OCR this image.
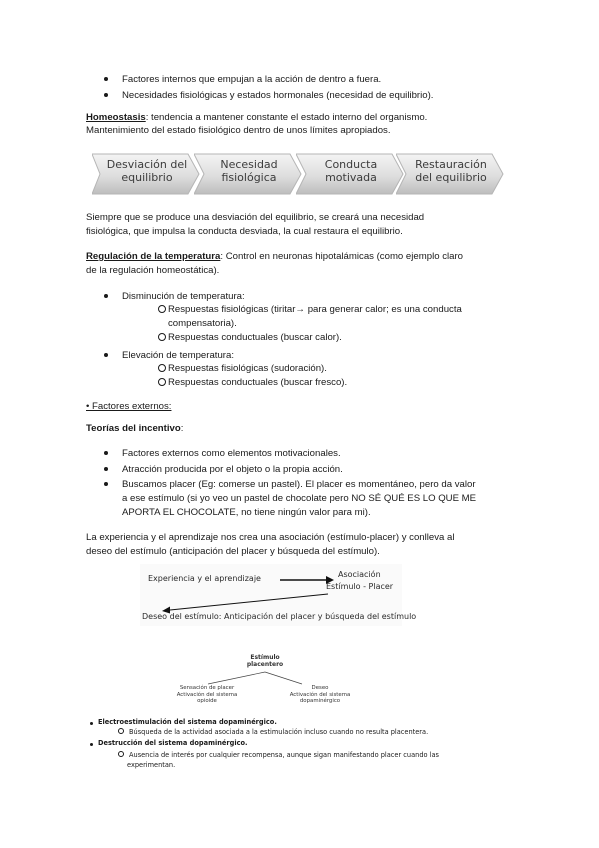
Factores internos que empujan a la acción de dentro a fuera.
Necesidades fisiológicas y estados hormonales (necesidad de equilibrio).
Homeostasis: tendencia a mantener constante el estado interno del organismo.
Mantenimiento del estado fisiológico dentro de unos límites apropiados.
Desviación del equilibrio
Necesidad fisiológica
Conducta motivada
Restauración del equilibrio
Siempre que se produce una desviación del equilibrio, se creará una necesidad
fisiológica, que impulsa la conducta desviada, la cual restaura el equilibrio.
Regulación de la temperatura: Control en neuronas hipotalámicas (como ejemplo claro
de la regulación homeostática).
Disminución de temperatura:
Respuestas fisiológicas (tiritar→ para generar calor; es una conducta
compensatoria).
Respuestas conductuales (buscar calor).
Elevación de temperatura:
Respuestas fisiológicas (sudoración).
Respuestas conductuales (buscar fresco).
• Factores externos:
Teorías del incentivo:
Factores externos como elementos motivacionales.
Atracción producida por el objeto o la propia acción.
Buscamos placer (Eg: comerse un pastel). El placer es momentáneo, pero da valor
a ese estímulo (si yo veo un pastel de chocolate pero NO SÉ QUÉ ES LO QUE ME
APORTA EL CHOCOLATE, no tiene ningún valor para mi).
La experiencia y el aprendizaje nos crea una asociación (estímulo-placer) y conlleva al
deseo del estímulo (anticipación del placer y búsqueda del estímulo).
Experiencia y el aprendizaje	Asociación
Estímulo - Placer
Deseo del estímulo: Anticipación del placer y búsqueda del estímulo
Estímulo
placentero
Sensación de placer
Activación del sistema
opioide
Deseo
Activación del sistema
dopaminérgico
Electroestimulación del sistema dopaminérgico.
Búsqueda de la actividad asociada a la estimulación incluso cuando no resulta placentera.
Destrucción del sistema dopaminérgico.
Ausencia de interés por cualquier recompensa, aunque sigan manifestando placer cuando las
experimentan.
